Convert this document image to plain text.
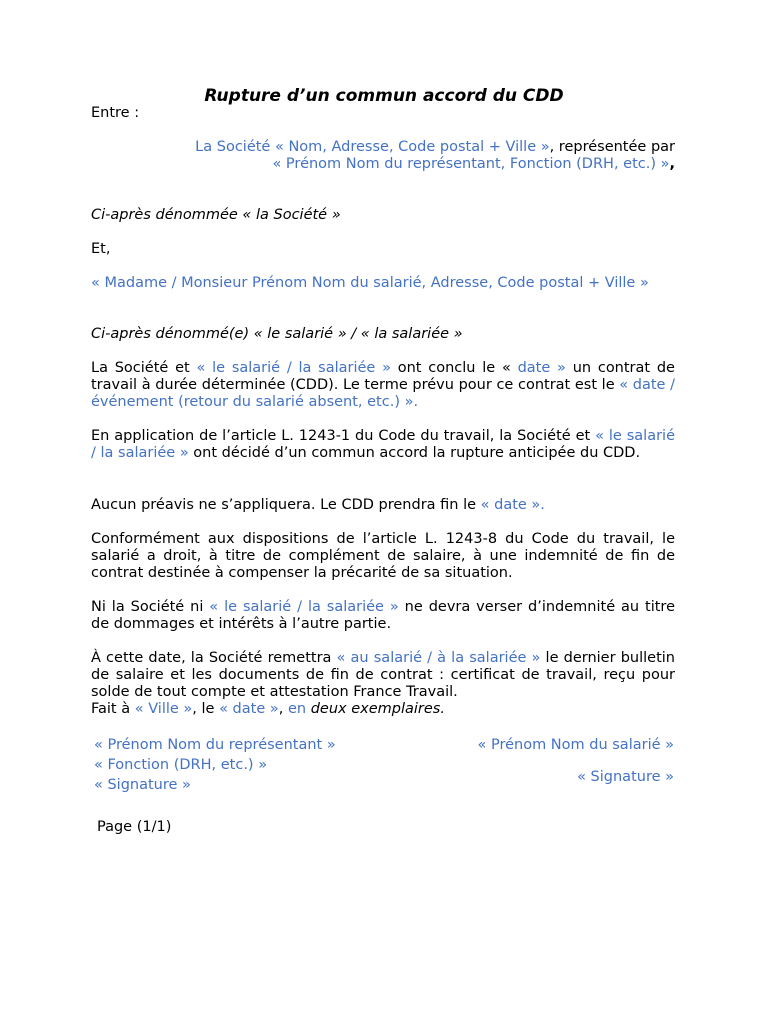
Rupture d’un commun accord du CDD
Entre :
La Société « Nom, Adresse, Code postal + Ville », représentée par
« Prénom Nom du représentant, Fonction (DRH, etc.) »,
Ci-après dénommée « la Société »
Et,
« Madame / Monsieur Prénom Nom du salarié, Adresse, Code postal + Ville »
Ci-après dénommé(e) « le salarié » / « la salariée »
La Société et « le salarié / la salariée » ont conclu le « date » un contrat de travail à durée déterminée (CDD). Le terme prévu pour ce contrat est le « date / événement (retour du salarié absent, etc.) ».
En application de l’article L. 1243-1 du Code du travail, la Société et « le salarié / la salariée » ont décidé d’un commun accord la rupture anticipée du CDD.
Aucun préavis ne s’appliquera. Le CDD prendra fin le « date ».
Conformément aux dispositions de l’article L. 1243-8 du Code du travail, le salarié a droit, à titre de complément de salaire, à une indemnité de fin de contrat destinée à compenser la précarité de sa situation.
Ni la Société ni « le salarié / la salariée » ne devra verser d’indemnité au titre de dommages et intérêts à l’autre partie.
À cette date, la Société remettra « au salarié / à la salariée » le dernier bulletin de salaire et les documents de fin de contrat : certificat de travail, reçu pour solde de tout compte et attestation France Travail.
Fait à « Ville », le « date », en deux exemplaires.
« Prénom Nom du représentant »
« Fonction (DRH, etc.) »
« Signature »
« Prénom Nom du salarié »
« Signature »
Page (1/1)
